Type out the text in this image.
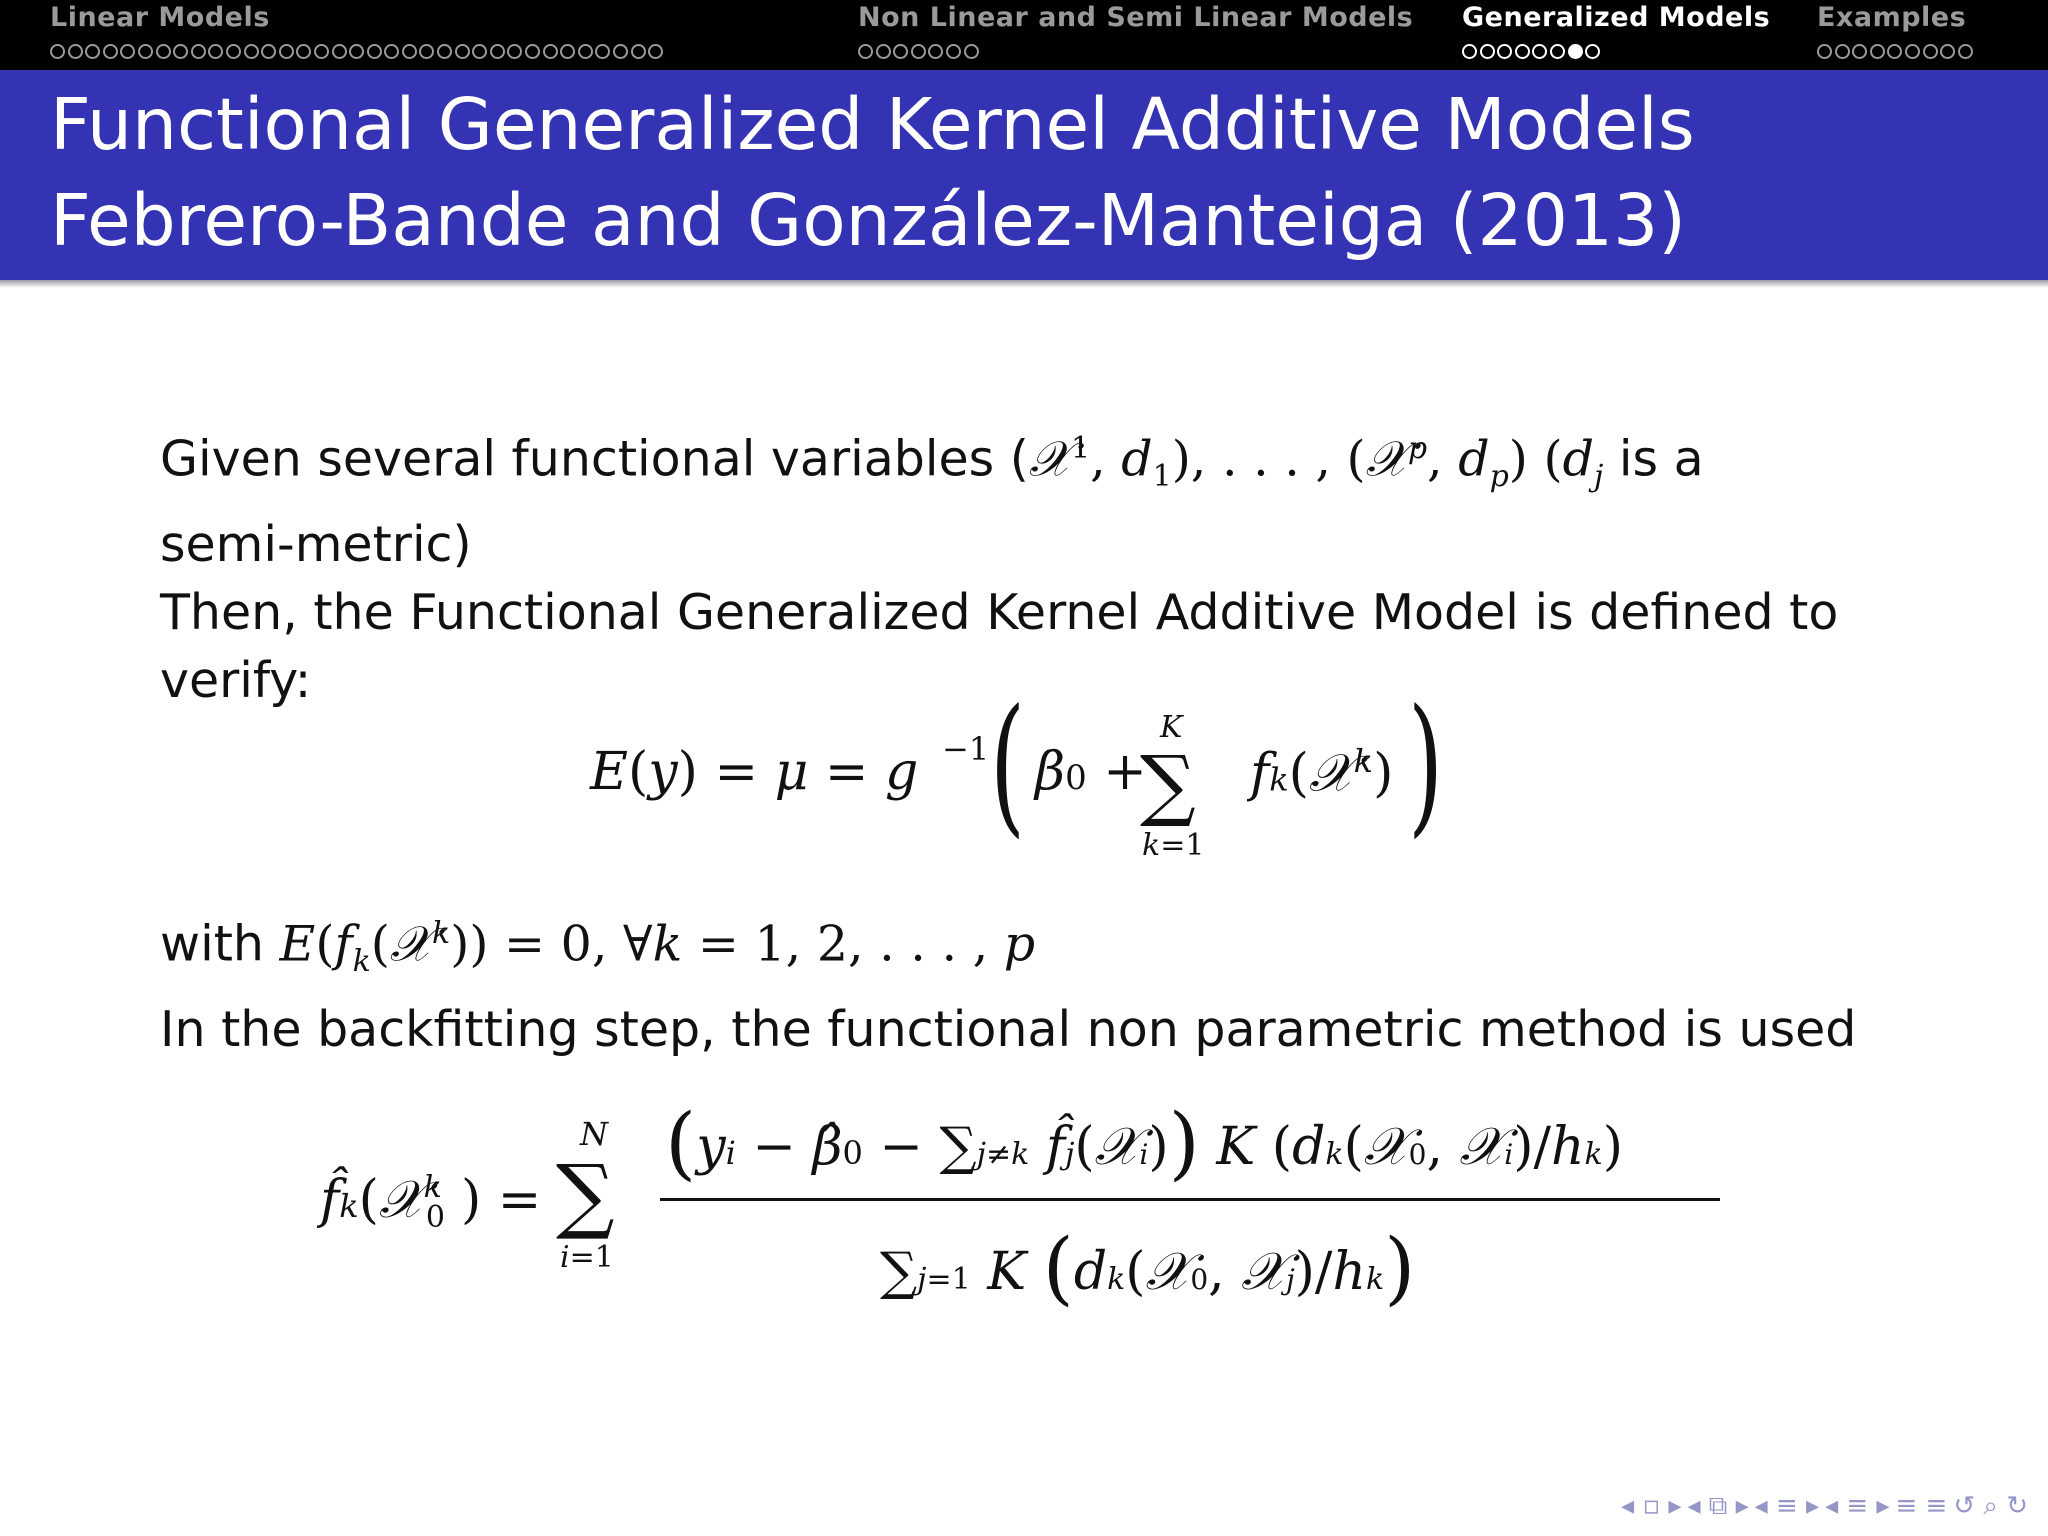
Linear Models	Non Linear and Semi Linear Models Generalized Models Examples
Functional Generalized Kernel Additive Models
Febrero-Bande and González-Manteiga (2013)
Given several functional variables (𝒳$^1$, $d_1$), . . . , (𝒳$^p$, $d_p$) ($d_j$ is a
semi-metric)
Then, the Functional Generalized Kernel Additive Model is defined to
verify:
E(y) = μ = g −1 ( β0 +
K
∑
k=1
fk(𝒳$^k$) )
with $E(f_k(𝒳^k)) = 0$, ∀k = 1, 2, . . . , p
In the backfitting step, the functional non parametric method is used
f̂k(𝒳$^k$0 ) =
N
∑
i=1
(yi − β̂0 − ∑j≠k f̂j(𝒳i)) K (dk(𝒳0, 𝒳i)/hk)
∑j=1 K (dk(𝒳0, 𝒳j)/hk)
◂ ▫ ▸ ◂ ⧉ ▸ ◂ ≡ ▸ ◂ ≡ ▸ ≡ ≡ ↺ ⌕ ↻
